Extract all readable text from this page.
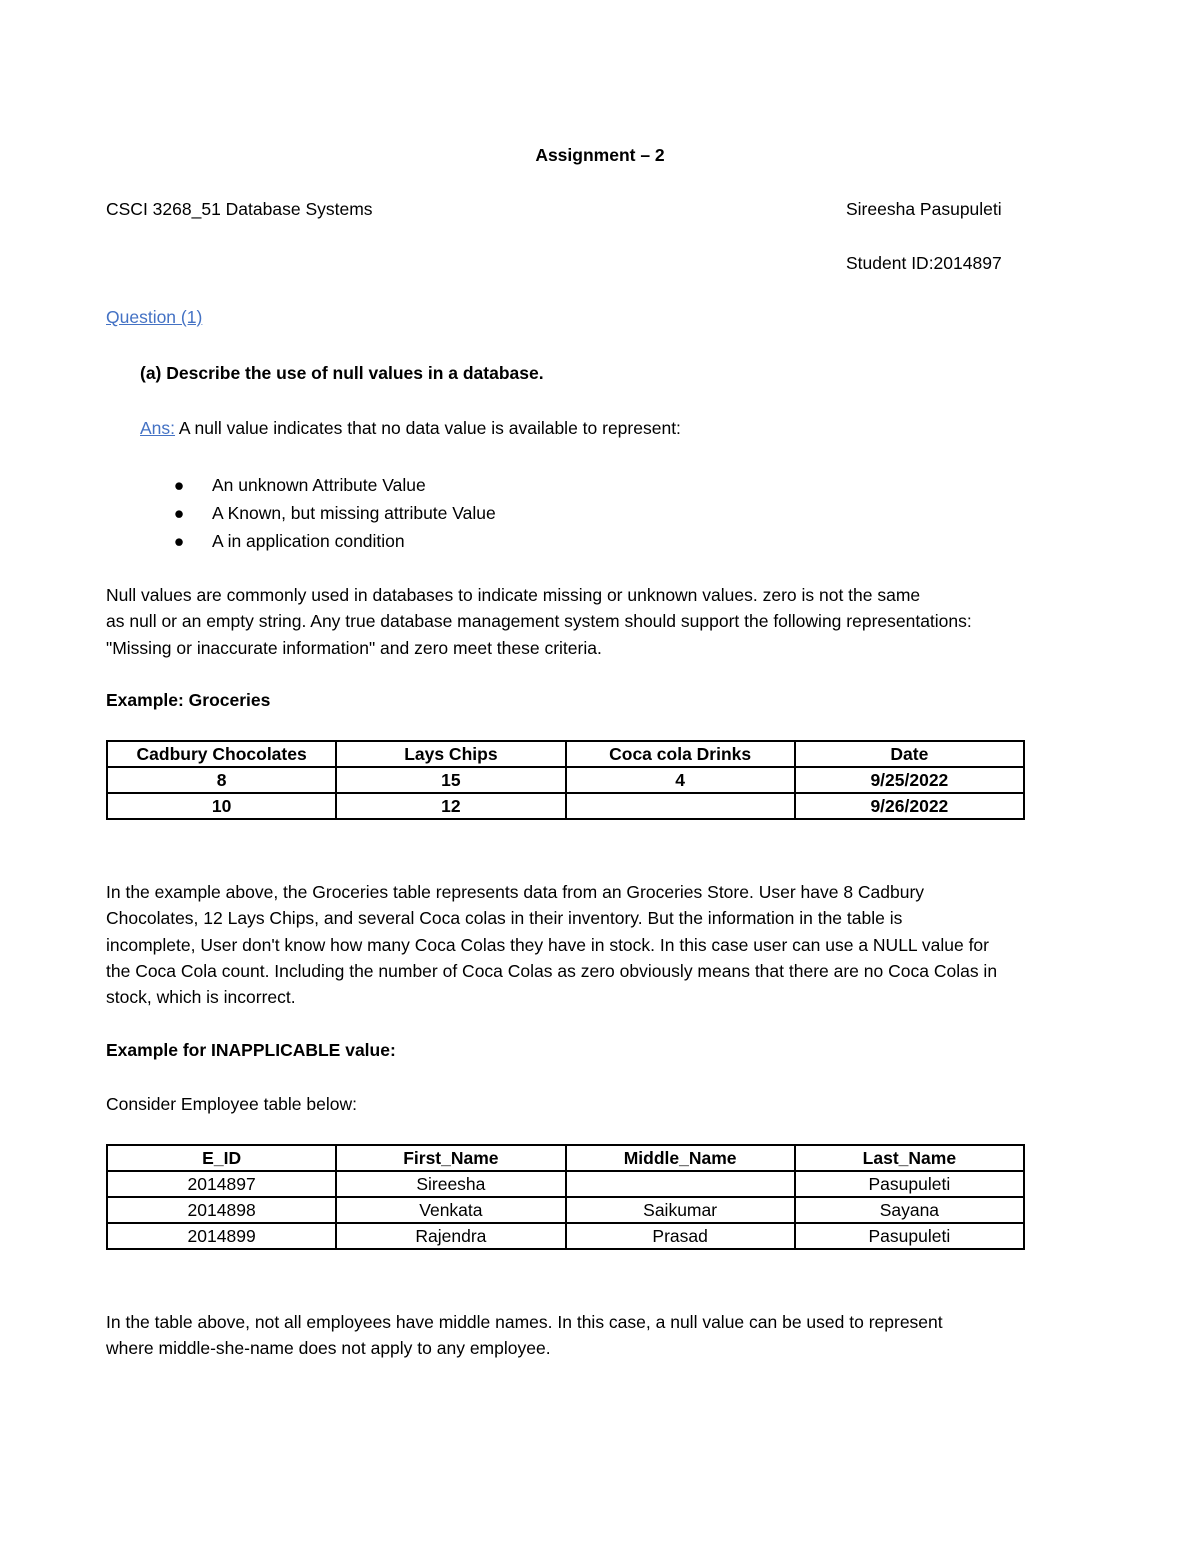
Assignment – 2
CSCI 3268_51 Database Systems	Sireesha Pasupuleti
Student ID:2014897
Question (1)
(a) Describe the use of null values in a database.
Ans: A null value indicates that no data value is available to represent:
● An unknown Attribute Value
● A Known, but missing attribute Value
● A in application condition
Null values are commonly used in databases to indicate missing or unknown values. zero is not the same
as null or an empty string. Any true database management system should support the following representations:
"Missing or inaccurate information" and zero meet these criteria.
Example: Groceries
Cadbury Chocolates	Lays Chips	Coca cola Drinks	Date
8	15	4	9/25/2022
10	12		9/26/2022
In the example above, the Groceries table represents data from an Groceries Store. User have 8 Cadbury
Chocolates, 12 Lays Chips, and several Coca colas in their inventory. But the information in the table is
incomplete, User don't know how many Coca Colas they have in stock. In this case user can use a NULL value for
the Coca Cola count. Including the number of Coca Colas as zero obviously means that there are no Coca Colas in
stock, which is incorrect.
Example for INAPPLICABLE value:
Consider Employee table below:
E_ID	First_Name	Middle_Name	Last_Name
2014897	Sireesha		Pasupuleti
2014898	Venkata	Saikumar	Sayana
2014899	Rajendra	Prasad	Pasupuleti
In the table above, not all employees have middle names. In this case, a null value can be used to represent
where middle-she-name does not apply to any employee.
